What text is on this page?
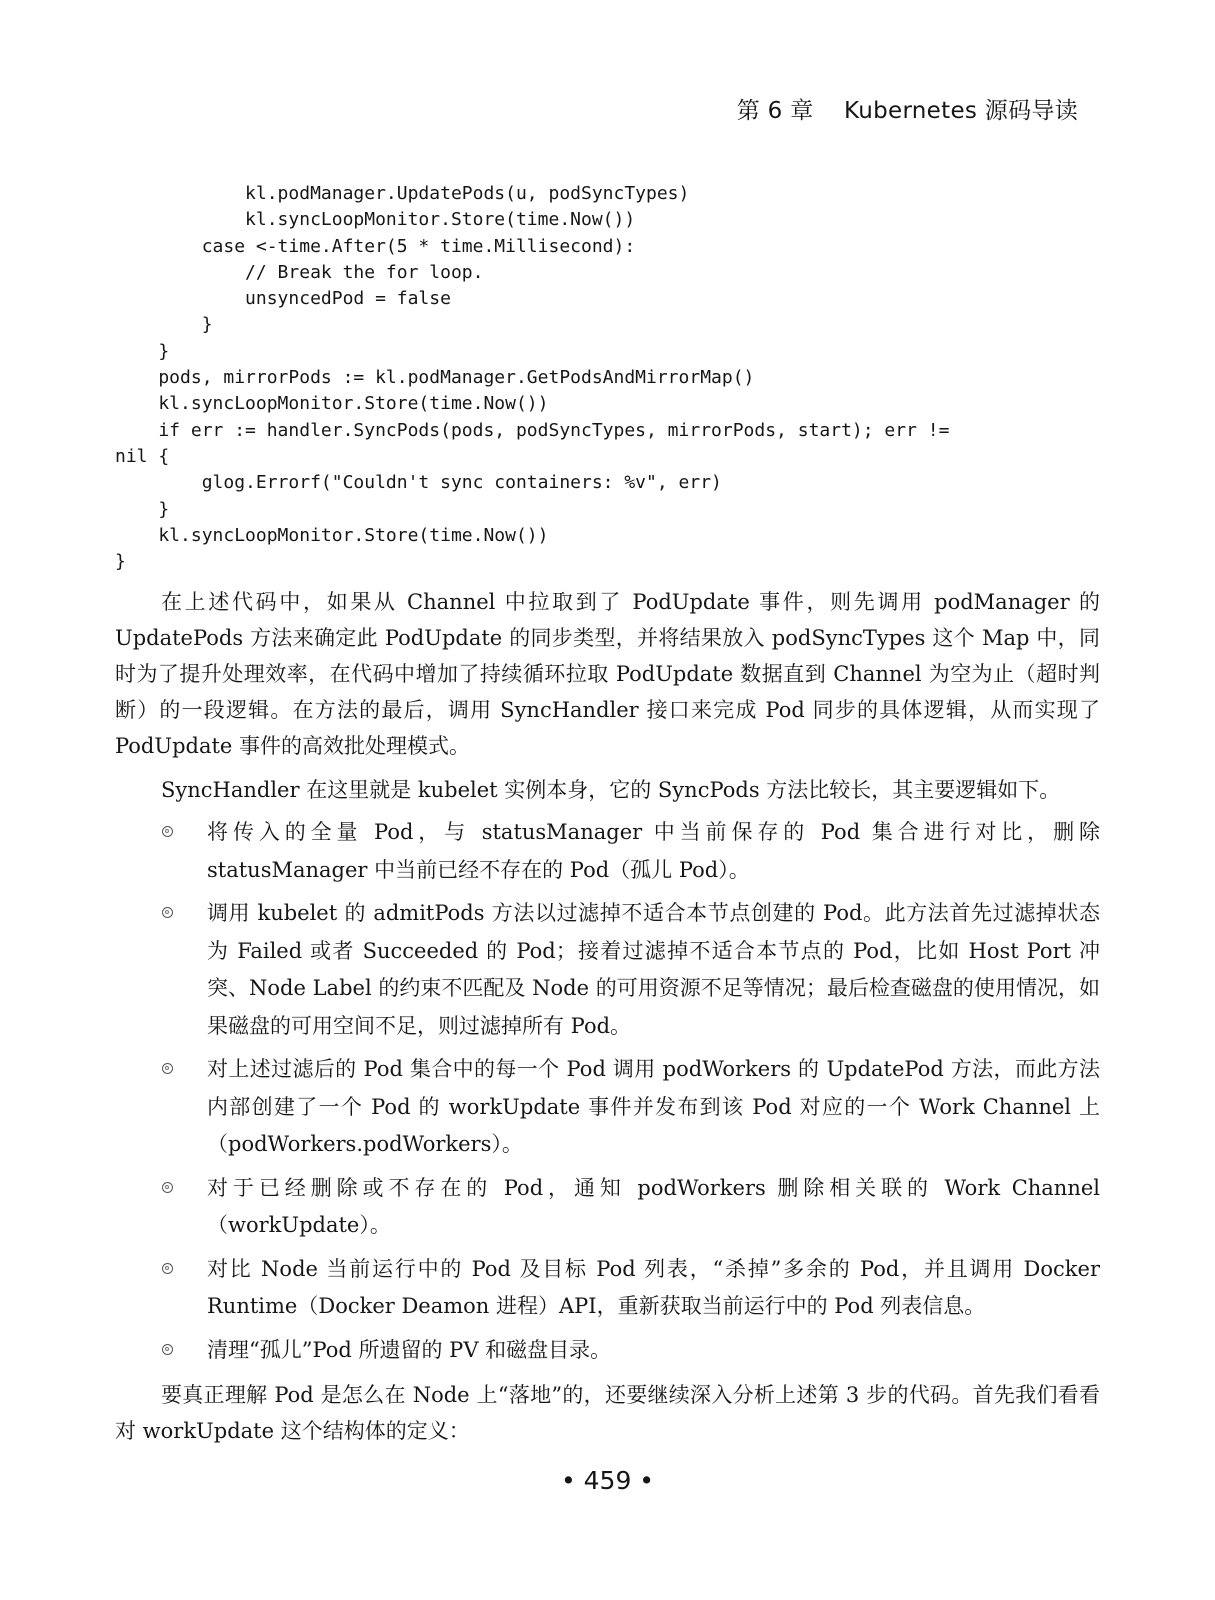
第 6 章 Kubernetes 源码导读
kl.podManager.UpdatePods(u, podSyncTypes)
kl.syncLoopMonitor.Store(time.Now())
case <-time.After(5 * time.Millisecond):
// Break the for loop.
unsyncedPod = false
}
}
pods, mirrorPods := kl.podManager.GetPodsAndMirrorMap()
kl.syncLoopMonitor.Store(time.Now())
if err := handler.SyncPods(pods, podSyncTypes, mirrorPods, start); err !=
nil {
glog.Errorf("Couldn't sync containers: %v", err)
}
kl.syncLoopMonitor.Store(time.Now())
}

在上述代码中，如果从 Channel 中拉取到了 PodUpdate 事件，则先调用 podManager 的 UpdatePods 方法来确定此 PodUpdate 的同步类型，并将结果放入 podSyncTypes 这个 Map 中，同时为了提升处理效率，在代码中增加了持续循环拉取 PodUpdate 数据直到 Channel 为空为止（超时判断）的一段逻辑。在方法的最后，调用 SyncHandler 接口来完成 Pod 同步的具体逻辑，从而实现了 PodUpdate 事件的高效批处理模式。

SyncHandler 在这里就是 kubelet 实例本身，它的 SyncPods 方法比较长，其主要逻辑如下。

将传入的全量 Pod，与 statusManager 中当前保存的 Pod 集合进行对比，删除 statusManager 中当前已经不存在的 Pod（孤儿 Pod）。
调用 kubelet 的 admitPods 方法以过滤掉不适合本节点创建的 Pod。此方法首先过滤掉状态为 Failed 或者 Succeeded 的 Pod；接着过滤掉不适合本节点的 Pod，比如 Host Port 冲突、Node Label 的约束不匹配及 Node 的可用资源不足等情况；最后检查磁盘的使用情况，如果磁盘的可用空间不足，则过滤掉所有 Pod。
对上述过滤后的 Pod 集合中的每一个 Pod 调用 podWorkers 的 UpdatePod 方法，而此方法内部创建了一个 Pod 的 workUpdate 事件并发布到该 Pod 对应的一个 Work Channel 上（podWorkers.podWorkers）。
对于已经删除或不存在的 Pod，通知 podWorkers 删除相关联的 Work Channel（workUpdate）。
对比 Node 当前运行中的 Pod 及目标 Pod 列表，“杀掉”多余的 Pod，并且调用 Docker Runtime（Docker Deamon 进程）API，重新获取当前运行中的 Pod 列表信息。
清理“孤儿”Pod 所遗留的 PV 和磁盘目录。

要真正理解 Pod 是怎么在 Node 上“落地”的，还要继续深入分析上述第 3 步的代码。首先我们看看对 workUpdate 这个结构体的定义：

• 459 •
